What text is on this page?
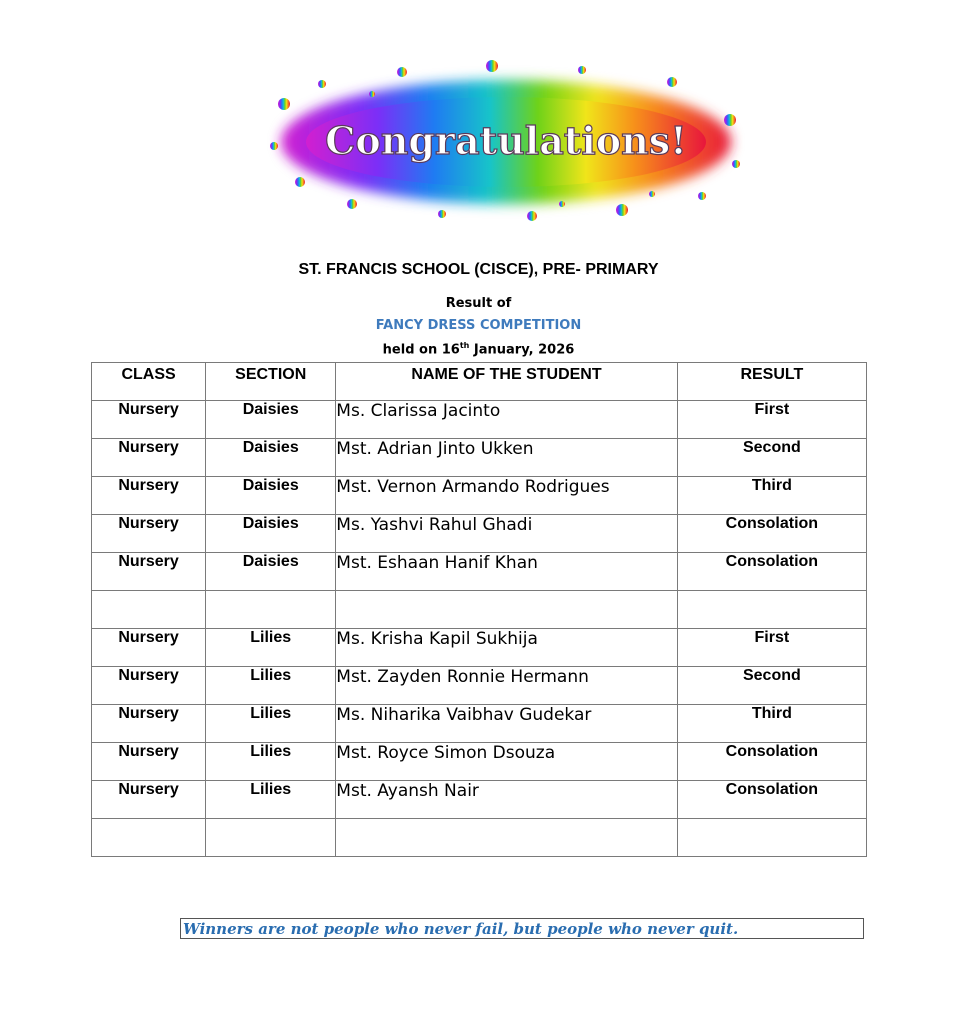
Congratulations!
ST. FRANCIS SCHOOL (CISCE), PRE- PRIMARY
Result of
FANCY DRESS COMPETITION
held on 16th January, 2026
CLASS	SECTION	NAME OF THE STUDENT	RESULT
Nursery	Daisies	Ms. Clarissa Jacinto	First
Nursery	Daisies	Mst. Adrian Jinto Ukken	Second
Nursery	Daisies	Mst. Vernon Armando Rodrigues	Third
Nursery	Daisies	Ms. Yashvi Rahul Ghadi	Consolation
Nursery	Daisies	Mst. Eshaan Hanif Khan	Consolation

Nursery	Lilies	Ms. Krisha Kapil Sukhija	First
Nursery	Lilies	Mst. Zayden Ronnie Hermann	Second
Nursery	Lilies	Ms. Niharika Vaibhav Gudekar	Third
Nursery	Lilies	Mst. Royce Simon Dsouza	Consolation
Nursery	Lilies	Mst. Ayansh Nair	Consolation

Winners are not people who never fail, but people who never quit.
